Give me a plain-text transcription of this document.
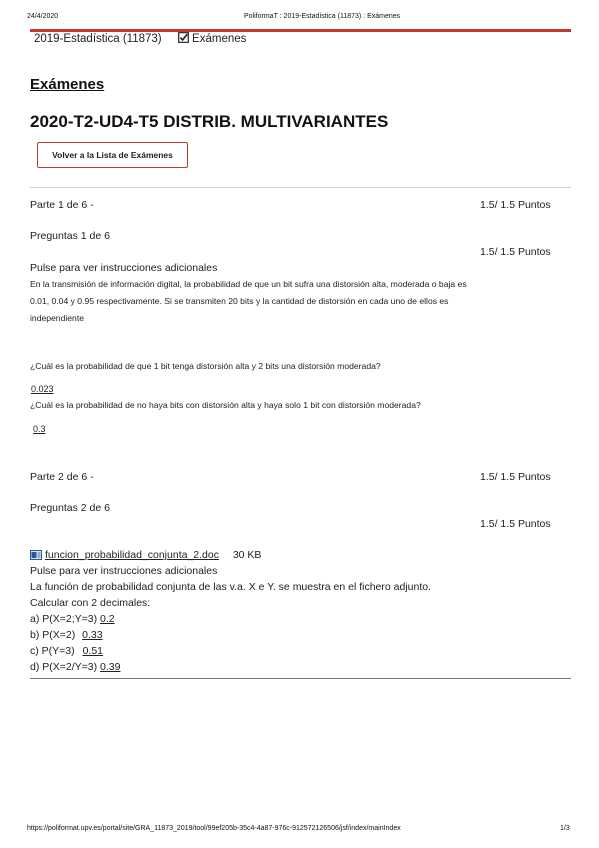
24/4/2020	PoliformaT : 2019-Estadística (11873) : Exámenes
2019-Estadística (11873)	Exámenes
Exámenes
2020-T2-UD4-T5 DISTRIB. MULTIVARIANTES
Volver a la Lista de Exámenes
Parte 1 de 6 -	1.5/ 1.5 Puntos
Preguntas 1 de 6
1.5/ 1.5 Puntos
Pulse para ver instrucciones adicionales
En la transmisión de información digital, la probabilidad de que un bit sufra una distorsión alta, moderada o baja es
0.01, 0.04 y 0.95 respectivamente. Si se transmiten 20 bits y la cantidad de distorsión en cada uno de ellos es
independiente
¿Cuál es la probabilidad de que 1 bit tenga distorsión alta y 2 bits una distorsión moderada?
0.023
¿Cuál es la probabilidad de no haya bits con distorsión alta y haya solo 1 bit con distorsión moderada?
0.3
Parte 2 de 6 -	1.5/ 1.5 Puntos
Preguntas 2 de 6
1.5/ 1.5 Puntos
funcion_probabilidad_conjunta_2.doc 30 KB
Pulse para ver instrucciones adicionales
La función de probabilidad conjunta de las v.a. X e Y. se muestra en el fichero adjunto.
Calcular con 2 decimales:
a) P(X=2;Y=3) 0.2
b) P(X=2) 0.33
c) P(Y=3) 0.51
d) P(X=2/Y=3) 0.39
https://poliformat.upv.es/portal/site/GRA_11873_2019/tool/99ef205b-35c4-4a87-976c-912572126506/jsf/index/mainIndex	1/3
